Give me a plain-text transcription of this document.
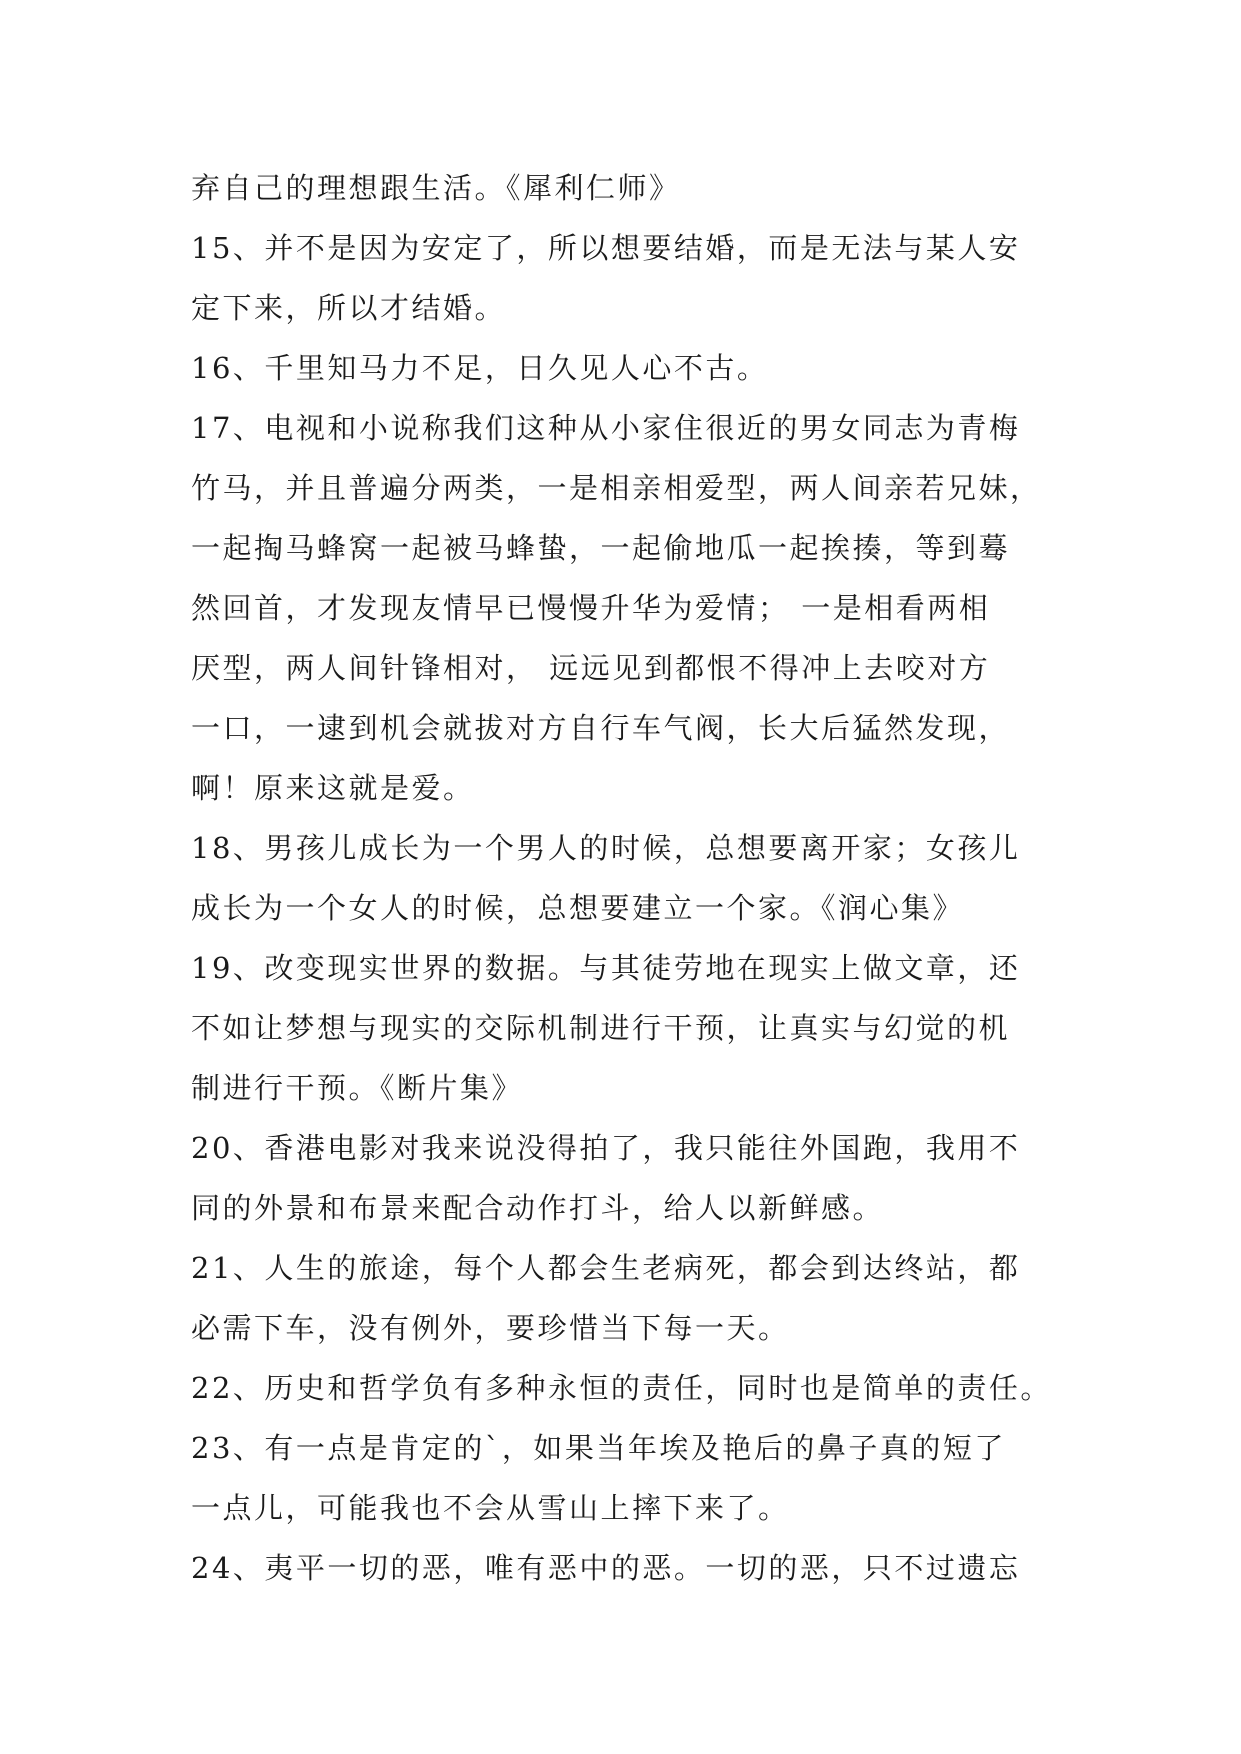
弃自己的理想跟生活。《犀利仁师》
15、并不是因为安定了，所以想要结婚，而是无法与某人安
定下来，所以才结婚。
16、千里知马力不足，日久见人心不古。
17、电视和小说称我们这种从小家住很近的男女同志为青梅
竹马，并且普遍分两类，一是相亲相爱型，两人间亲若兄妹，
一起掏马蜂窝一起被马蜂蛰，一起偷地瓜一起挨揍，等到蓦
然回首，才发现友情早已慢慢升华为爱情； 一是相看两相
厌型，两人间针锋相对， 远远见到都恨不得冲上去咬对方
一口，一逮到机会就拔对方自行车气阀，长大后猛然发现，
啊！原来这就是爱。
18、男孩儿成长为一个男人的时候，总想要离开家；女孩儿
成长为一个女人的时候，总想要建立一个家。《润心集》
19、改变现实世界的数据。与其徒劳地在现实上做文章，还
不如让梦想与现实的交际机制进行干预，让真实与幻觉的机
制进行干预。《断片集》
20、香港电影对我来说没得拍了，我只能往外国跑，我用不
同的外景和布景来配合动作打斗，给人以新鲜感。
21、人生的旅途，每个人都会生老病死，都会到达终站，都
必需下车，没有例外，要珍惜当下每一天。
22、历史和哲学负有多种永恒的责任，同时也是简单的责任。
23、有一点是肯定的`，如果当年埃及艳后的鼻子真的短了
一点儿，可能我也不会从雪山上摔下来了。
24、夷平一切的恶，唯有恶中的恶。一切的恶，只不过遗忘
